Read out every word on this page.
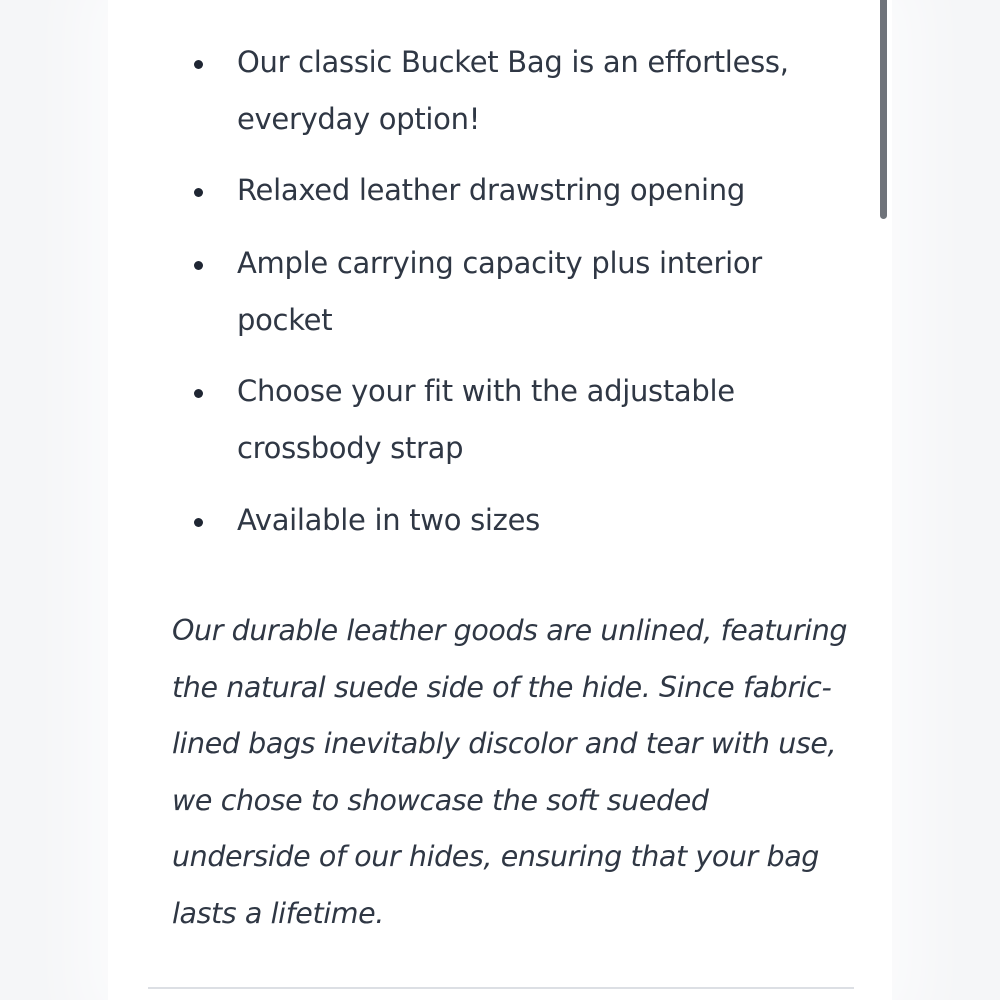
Our classic Bucket Bag is an effortless, everyday option!
Relaxed leather drawstring opening
Ample carrying capacity plus interior pocket
Choose your fit with the adjustable crossbody strap
Available in two sizes

Our durable leather goods are unlined, featuring the natural suede side of the hide. Since fabric-lined bags inevitably discolor and tear with use, we chose to showcase the soft sueded underside of our hides, ensuring that your bag lasts a lifetime.
